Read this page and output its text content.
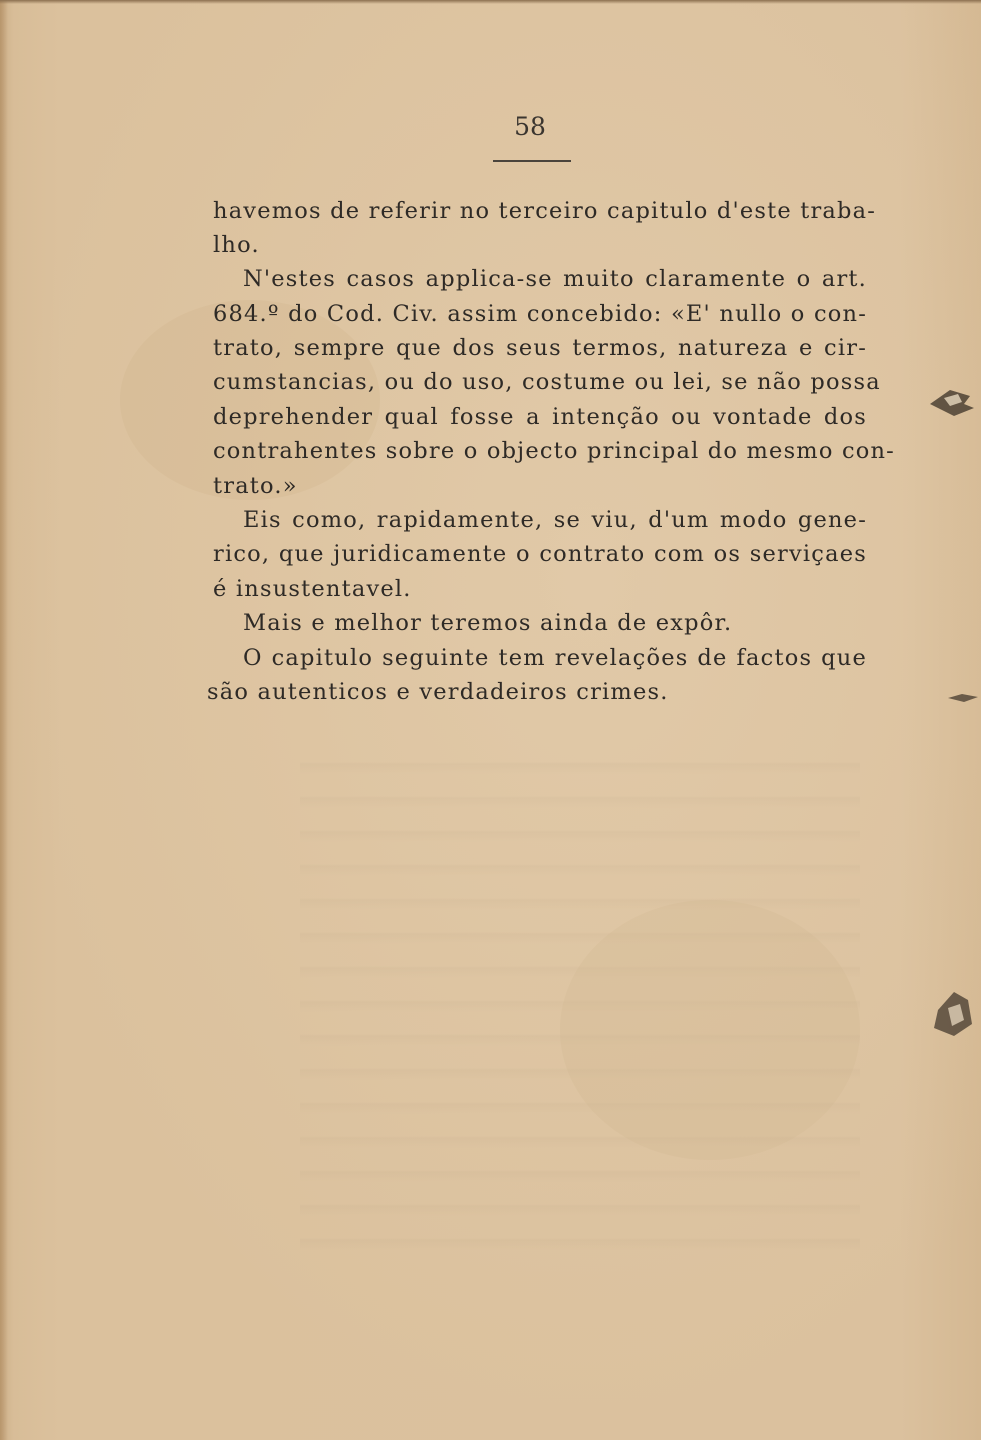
58
havemos de referir no terceiro capitulo d'este traba-
lho.
N'estes casos applica-se muito claramente o art.
684.º do Cod. Civ. assim concebido: «E' nullo o con-
trato, sempre que dos seus termos, natureza e cir-
cumstancias, ou do uso, costume ou lei, se não possa
deprehender qual fosse a intenção ou vontade dos
contrahentes sobre o objecto principal do mesmo con-
trato.»
Eis como, rapidamente, se viu, d'um modo gene-
rico, que juridicamente o contrato com os serviçaes
é insustentavel.
Mais e melhor teremos ainda de expôr.
O capitulo seguinte tem revelações de factos que
são autenticos e verdadeiros crimes.
